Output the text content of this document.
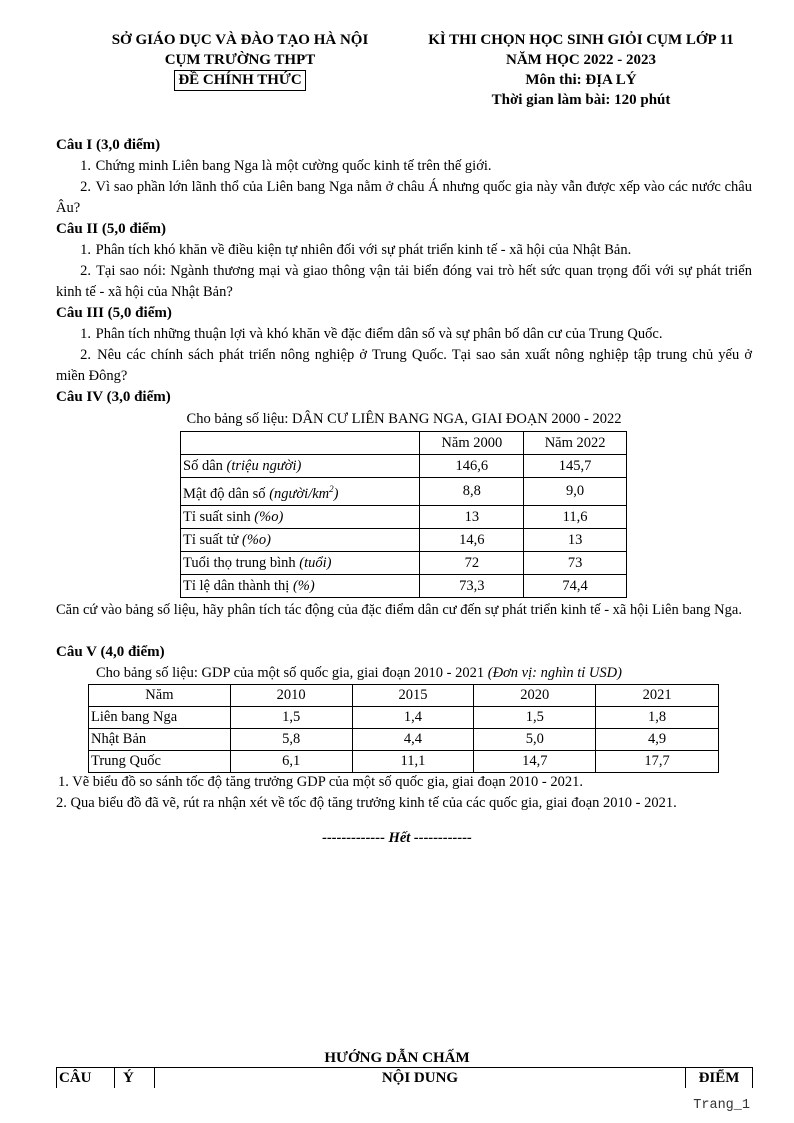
SỞ GIÁO DỤC VÀ ĐÀO TẠO HÀ NỘI
CỤM TRƯỜNG THPT
ĐỀ CHÍNH THỨC
KÌ THI CHỌN HỌC SINH GIỎI CỤM LỚP 11
NĂM HỌC 2022 - 2023
Môn thi: ĐỊA LÝ
Thời gian làm bài: 120 phút
Câu I (3,0 điểm)
1. Chứng minh Liên bang Nga là một cường quốc kinh tế trên thế giới.
2. Vì sao phần lớn lãnh thổ của Liên bang Nga nằm ở châu Á nhưng quốc gia này vẫn được xếp vào các nước châu Âu?
Câu II (5,0 điểm)
1. Phân tích khó khăn về điều kiện tự nhiên đối với sự phát triển kinh tế - xã hội của Nhật Bản.
2. Tại sao nói: Ngành thương mại và giao thông vận tải biển đóng vai trò hết sức quan trọng đối với sự phát triển kinh tế - xã hội của Nhật Bản?
Câu III (5,0 điểm)
1. Phân tích những thuận lợi và khó khăn về đặc điểm dân số và sự phân bố dân cư của Trung Quốc.
2. Nêu các chính sách phát triển nông nghiệp ở Trung Quốc. Tại sao sản xuất nông nghiệp tập trung chủ yếu ở miền Đông?
Câu IV (3,0 điểm)
Cho bảng số liệu: DÂN CƯ LIÊN BANG NGA, GIAI ĐOẠN 2000 - 2022
	Năm 2000	Năm 2022
Số dân (triệu người)	146,6	145,7
Mật độ dân số $(người/km^2)$	8,8	9,0
Tỉ suất sinh (%o)	13	11,6
Tỉ suất tử (%o)	14,6	13
Tuổi thọ trung bình (tuổi)	72	73
Tỉ lệ dân thành thị (%)	73,3	74,4
Căn cứ vào bảng số liệu, hãy phân tích tác động của đặc điểm dân cư đến sự phát triển kinh tế - xã hội Liên bang Nga.
Câu V (4,0 điểm)
Cho bảng số liệu: GDP của một số quốc gia, giai đoạn 2010 - 2021 (Đơn vị: nghìn tỉ USD)
Năm	2010	2015	2020	2021
Liên bang Nga	1,5	1,4	1,5	1,8
Nhật Bản	5,8	4,4	5,0	4,9
Trung Quốc	6,1	11,1	14,7	17,7
1. Vẽ biểu đồ so sánh tốc độ tăng trưởng GDP của một số quốc gia, giai đoạn 2010 - 2021.
2. Qua biểu đồ đã vẽ, rút ra nhận xét về tốc độ tăng trưởng kinh tế của các quốc gia, giai đoạn 2010 - 2021.
------------- Hết ------------
HƯỚNG DẪN CHẤM
CÂU	Ý	NỘI DUNG	ĐIỂM
Trang_1
